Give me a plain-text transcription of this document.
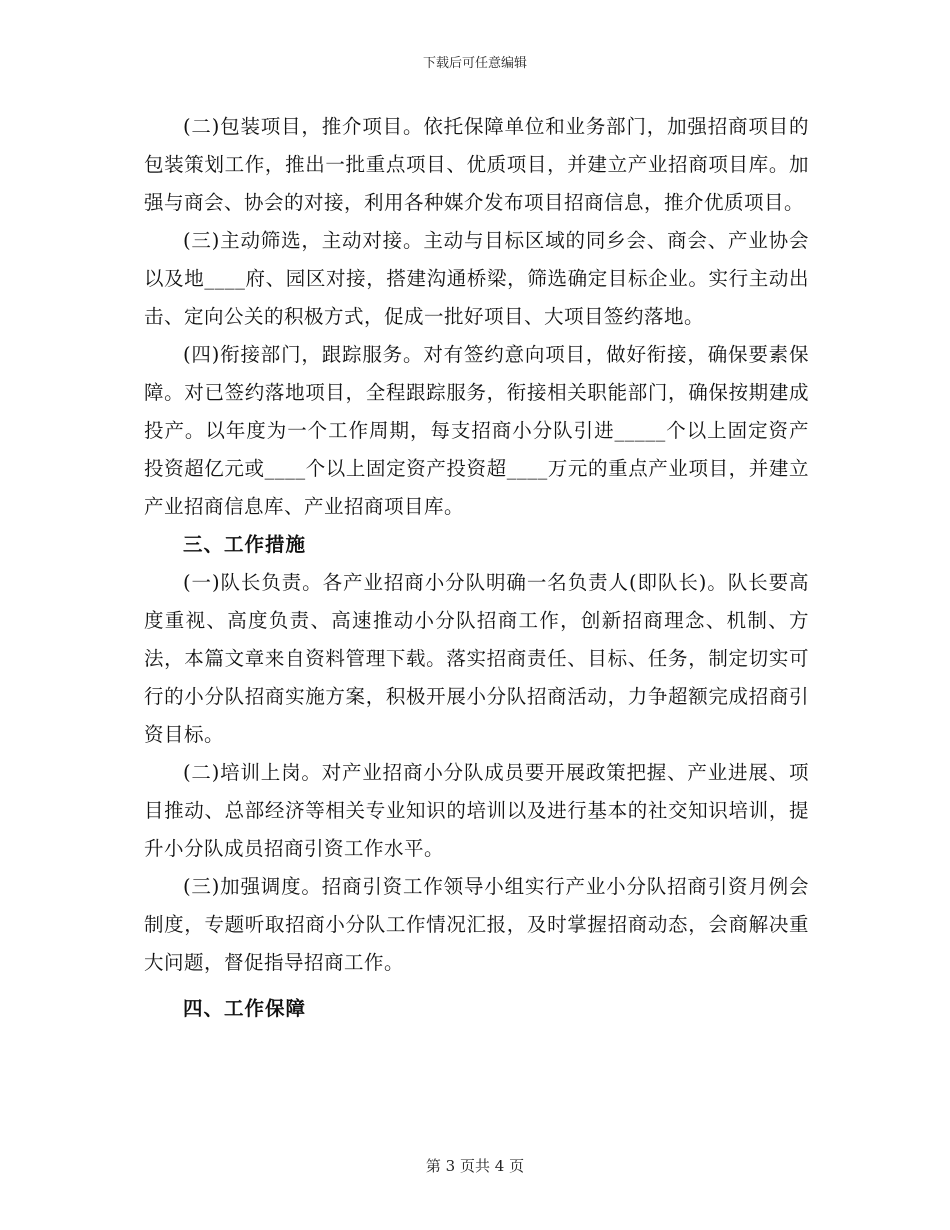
下载后可任意编辑

(二)包装项目，推介项目。依托保障单位和业务部门，加强招商项目的包装策划工作，推出一批重点项目、优质项目，并建立产业招商项目库。加强与商会、协会的对接，利用各种媒介发布项目招商信息，推介优质项目。

(三)主动筛选，主动对接。主动与目标区域的同乡会、商会、产业协会以及地____府、园区对接，搭建沟通桥梁，筛选确定目标企业。实行主动出击、定向公关的积极方式，促成一批好项目、大项目签约落地。

(四)衔接部门，跟踪服务。对有签约意向项目，做好衔接，确保要素保障。对已签约落地项目，全程跟踪服务，衔接相关职能部门，确保按期建成投产。以年度为一个工作周期，每支招商小分队引进_____个以上固定资产投资超亿元或____个以上固定资产投资超____万元的重点产业项目，并建立产业招商信息库、产业招商项目库。

三、工作措施

(一)队长负责。各产业招商小分队明确一名负责人(即队长)。队长要高度重视、高度负责、高速推动小分队招商工作，创新招商理念、机制、方法，本篇文章来自资料管理下载。落实招商责任、目标、任务，制定切实可行的小分队招商实施方案，积极开展小分队招商活动，力争超额完成招商引资目标。

(二)培训上岗。对产业招商小分队成员要开展政策把握、产业进展、项目推动、总部经济等相关专业知识的培训以及进行基本的社交知识培训，提升小分队成员招商引资工作水平。

(三)加强调度。招商引资工作领导小组实行产业小分队招商引资月例会制度，专题听取招商小分队工作情况汇报，及时掌握招商动态，会商解决重大问题，督促指导招商工作。

四、工作保障

第 3 页共 4 页
